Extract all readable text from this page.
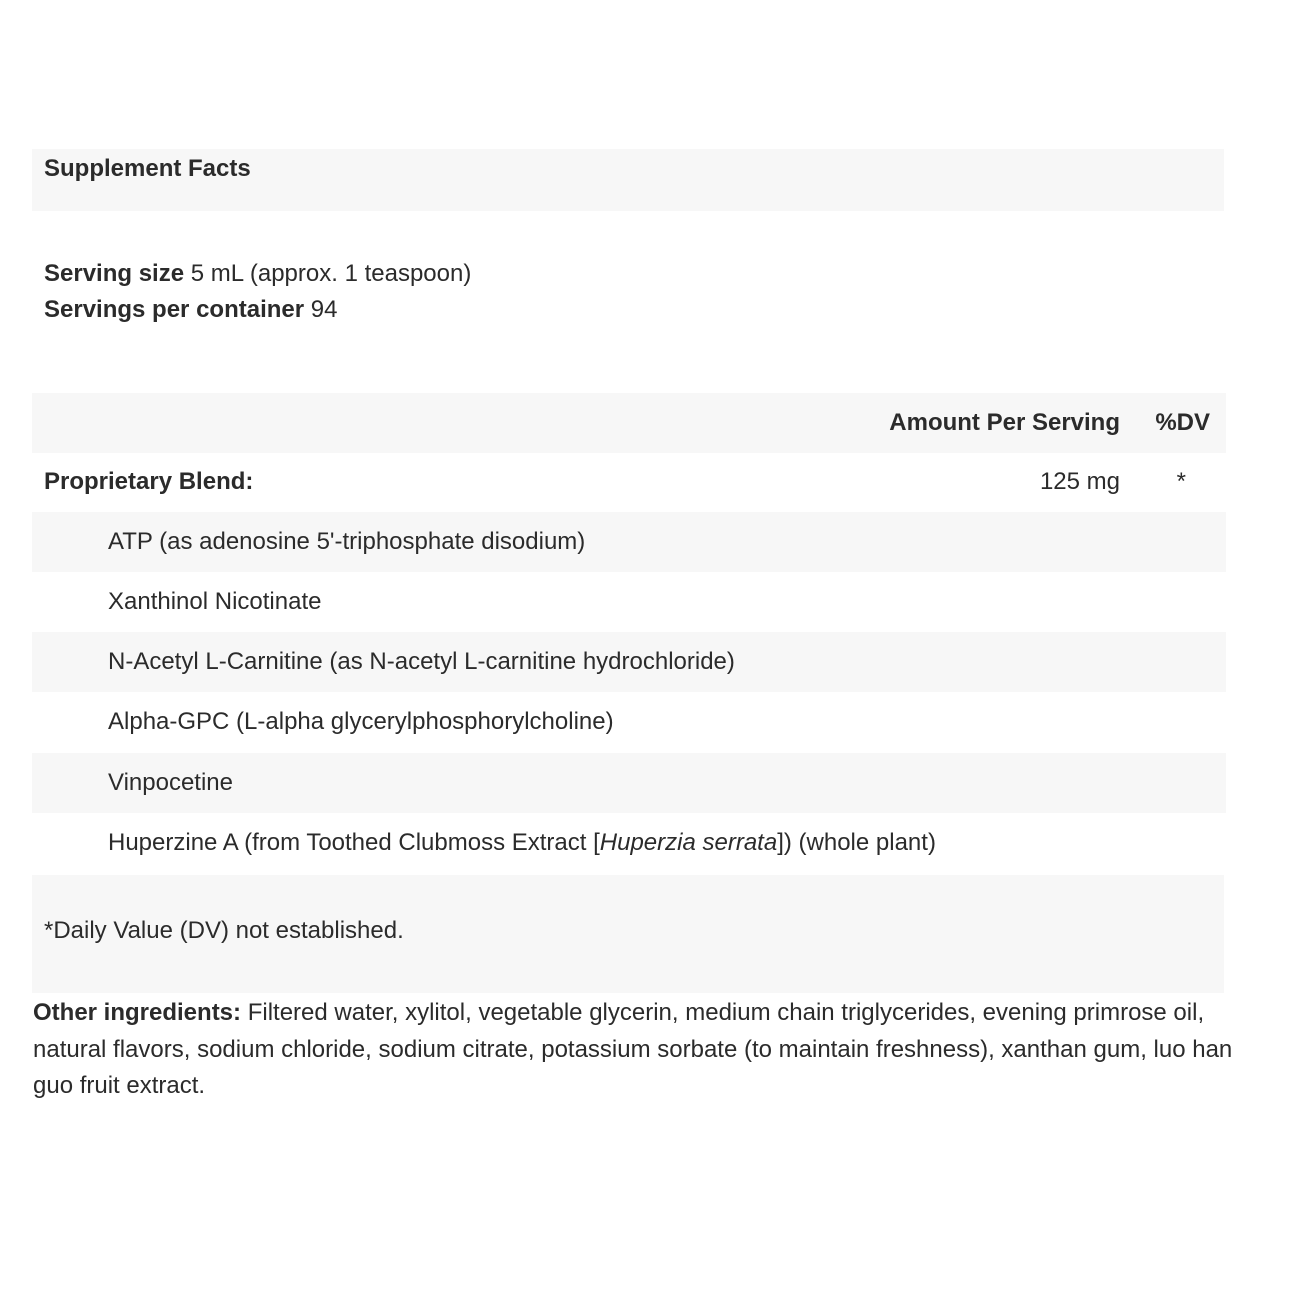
Supplement Facts
Serving size 5 mL (approx. 1 teaspoon)
Servings per container 94
Amount Per Serving %DV
Proprietary Blend:	125 mg *
ATP (as adenosine 5'-triphosphate disodium)
Xanthinol Nicotinate
N-Acetyl L-Carnitine (as N-acetyl L-carnitine hydrochloride)
Alpha-GPC (L-alpha glycerylphosphorylcholine)
Vinpocetine
Huperzine A (from Toothed Clubmoss Extract [Huperzia serrata]) (whole plant)
*Daily Value (DV) not established.
Other ingredients: Filtered water, xylitol, vegetable glycerin, medium chain triglycerides, evening primrose oil, natural flavors, sodium chloride, sodium citrate, potassium sorbate (to maintain freshness), xanthan gum, luo han guo fruit extract.
